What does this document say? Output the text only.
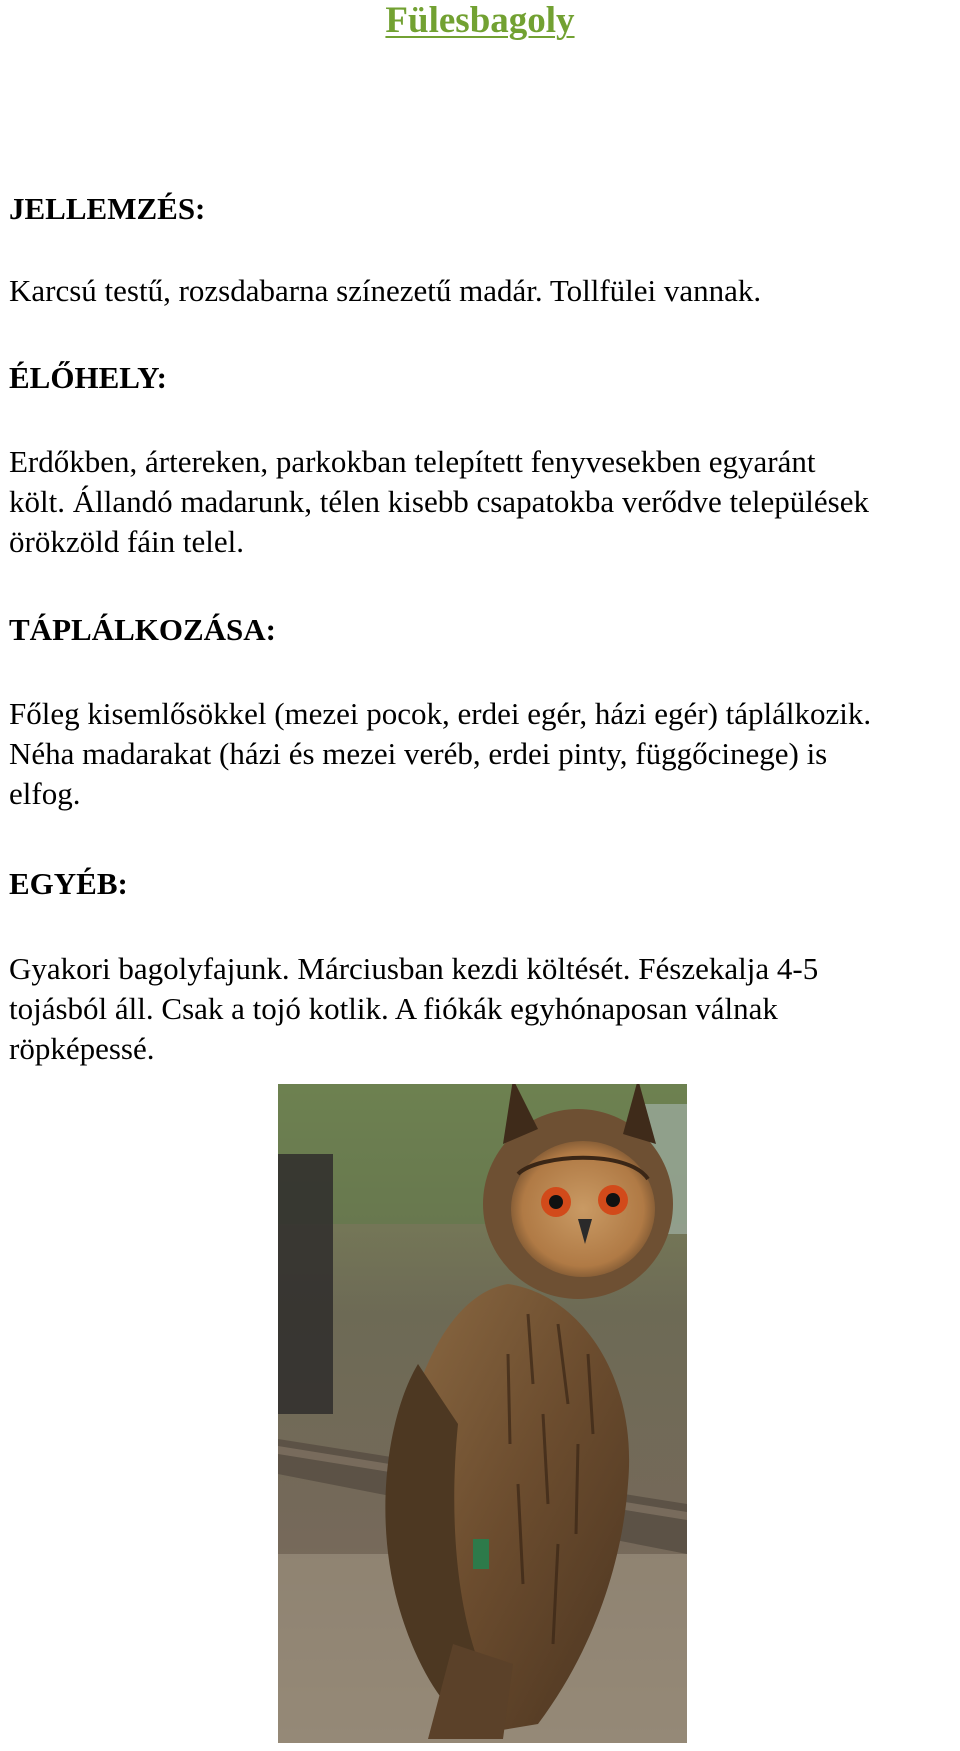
Fülesbagoly
JELLEMZÉS:
Karcsú testű, rozsdabarna színezetű madár. Tollfülei vannak.
ÉLŐHELY:
Erdőkben, ártereken, parkokban telepített fenyvesekben egyaránt
költ. Állandó madarunk, télen kisebb csapatokba verődve települések
örökzöld fáin telel.
TÁPLÁLKOZÁSA:
Főleg kisemlősökkel (mezei pocok, erdei egér, házi egér) táplálkozik.
Néha madarakat (házi és mezei veréb, erdei pinty, függőcinege) is
elfog.
EGYÉB:
Gyakori bagolyfajunk. Márciusban kezdi költését. Fészekalja 4-5
tojásból áll. Csak a tojó kotlik. A fiókák egyhónaposan válnak
röpképessé.
